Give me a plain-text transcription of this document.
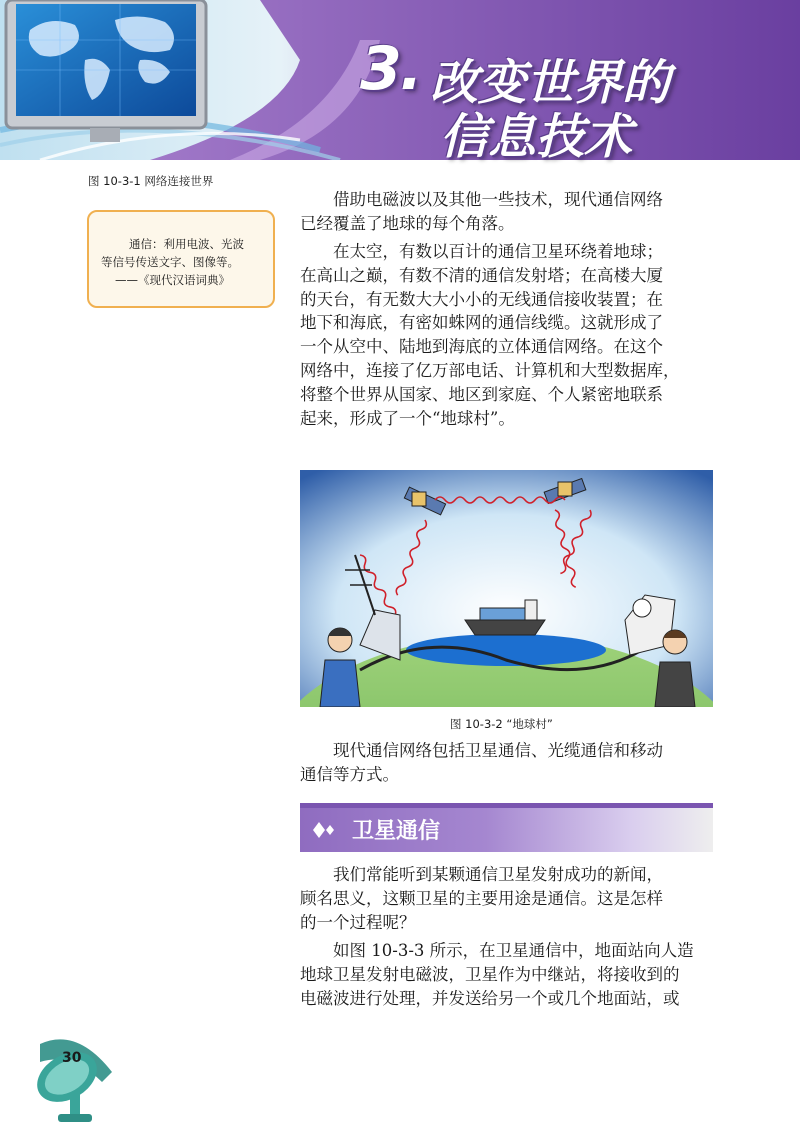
3. 改变世界的
信息技术
图 10-3-1 网络连接世界
通信：利用电波、光波
等信号传送文字、图像等。
——《现代汉语词典》
借助电磁波以及其他一些技术，现代通信网络
已经覆盖了地球的每个角落。
在太空，有数以百计的通信卫星环绕着地球；
在高山之巅，有数不清的通信发射塔；在高楼大厦
的天台，有无数大大小小的无线通信接收装置；在
地下和海底，有密如蛛网的通信线缆。这就形成了
一个从空中、陆地到海底的立体通信网络。在这个
网络中，连接了亿万部电话、计算机和大型数据库，
将整个世界从国家、地区到家庭、个人紧密地联系
起来，形成了一个“地球村”。
图 10-3-2 “地球村”
现代通信网络包括卫星通信、光缆通信和移动
通信等方式。
卫星通信
我们常能听到某颗通信卫星发射成功的新闻，
顾名思义，这颗卫星的主要用途是通信。这是怎样
的一个过程呢？
如图 10-3-3 所示，在卫星通信中，地面站向人造
地球卫星发射电磁波，卫星作为中继站，将接收到的
电磁波进行处理，并发送给另一个或几个地面站，或
30
